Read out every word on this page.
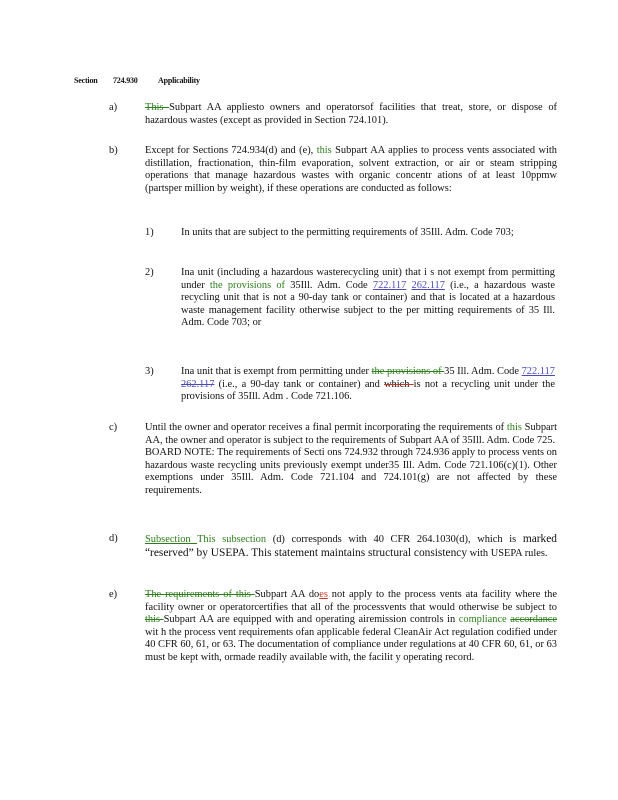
Section 724.930	Applicability
a)	This Subpart AA appliesto owners and operatorsof facilities that treat, store, or dispose of hazardous wastes (except as provided in Section 724.101).
b)	Except for Sections 724.934(d) and (e), this Subpart AA applies to process vents associated with distillation, fractionation, thin-film evaporation, solvent extraction, or air or steam stripping operations that manage hazardous wastes with organic concentr ations of at least 10ppmw (partsper million by weight), if these operations are conducted as follows:
1)	In units that are subject to the permitting requirements of 35Ill. Adm. Code 703;
2)	Ina unit (including a hazardous wasterecycling unit) that i s not exempt from permitting under the provisions of 35Ill. Adm. Code 722.117 262.117 (i.e., a hazardous waste recycling unit that is not a 90-day tank or container) and that is located at a hazardous waste management facility otherwise subject to the per mitting requirements of 35 Ill. Adm. Code 703; or
3)	Ina unit that is exempt from permitting under the provisions of 35 Ill. Adm. Code 722.117 262.117 (i.e., a 90-day tank or container) and which is not a recycling unit under the provisions of 35Ill. Adm . Code 721.106.
c)	Until the owner and operator receives a final permit incorporating the requirements of this Subpart AA, the owner and operator is subject to the requirements of Subpart AA of 35Ill. Adm. Code 725.
BOARD NOTE: The requirements of Secti ons 724.932 through 724.936 apply to process vents on hazardous waste recycling units previously exempt under35 Ill. Adm. Code 721.106(c)(1). Other exemptions under 35Ill. Adm. Code 721.104 and 724.101(g) are not affected by these requirements.
d)	Subsection This subsection (d) corresponds with 40 CFR 264.1030(d), which is marked “reserved” by USEPA. This statement maintains structural consistency with USEPA rules.
e)	The requirements of this Subpart AA does not apply to the process vents ata facility where the facility owner or operatorcertifies that all of the processvents that would otherwise be subject to this Subpart AA are equipped with and operating airemission controls in compliance accordance wit h the process vent requirements ofan applicable federal CleanAir Act regulation codified under 40 CFR 60, 61, or 63. The documentation of compliance under regulations at 40 CFR 60, 61, or 63 must be kept with, ormade readily available with, the facilit y operating record.
